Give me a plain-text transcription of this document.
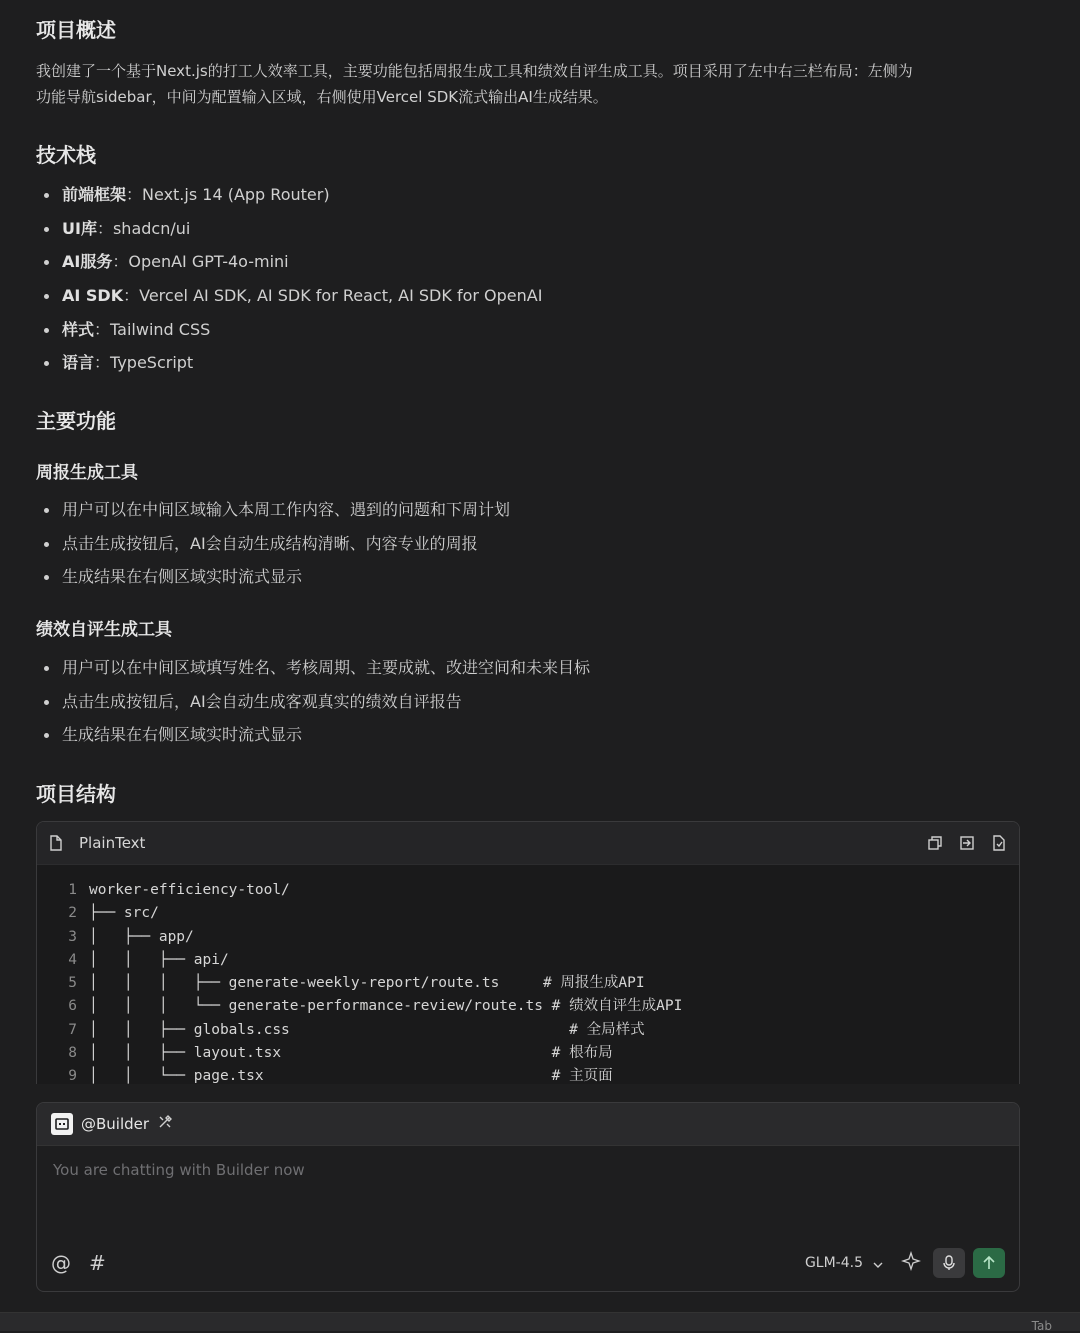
项目概述

我创建了一个基于Next.js的打工人效率工具，主要功能包括周报生成工具和绩效自评生成工具。项目采用了左中右三栏布局：左侧为
功能导航sidebar，中间为配置输入区域，右侧使用Vercel SDK流式输出AI生成结果。

技术栈
前端框架：Next.js 14 (App Router)
UI库：shadcn/ui
AI服务：OpenAI GPT-4o-mini
AI SDK：Vercel AI SDK, AI SDK for React, AI SDK for OpenAI
样式：Tailwind CSS
语言：TypeScript
主要功能
周报生成工具
用户可以在中间区域输入本周工作内容、遇到的问题和下周计划
点击生成按钮后，AI会自动生成结构清晰、内容专业的周报
生成结果在右侧区域实时流式显示
绩效自评生成工具
用户可以在中间区域填写姓名、考核周期、主要成就、改进空间和未来目标
点击生成按钮后，AI会自动生成客观真实的绩效自评报告
生成结果在右侧区域实时流式显示
项目结构
PlainText
1 worker-efficiency-tool/
2 ├── src/
3 │   ├── app/
4 │   │   ├── api/
5 │   │   │   ├── generate-weekly-report/route.ts     # 周报生成API
6 │   │   │   └── generate-performance-review/route.ts # 绩效自评生成API
7 │   │   ├── globals.css                                # 全局样式
8 │   │   ├── layout.tsx                               # 根布局
9 │   │   └── page.tsx                                 # 主页面
@Builder
You are chatting with Builder now
@ #	GLM-4.5
Tab
